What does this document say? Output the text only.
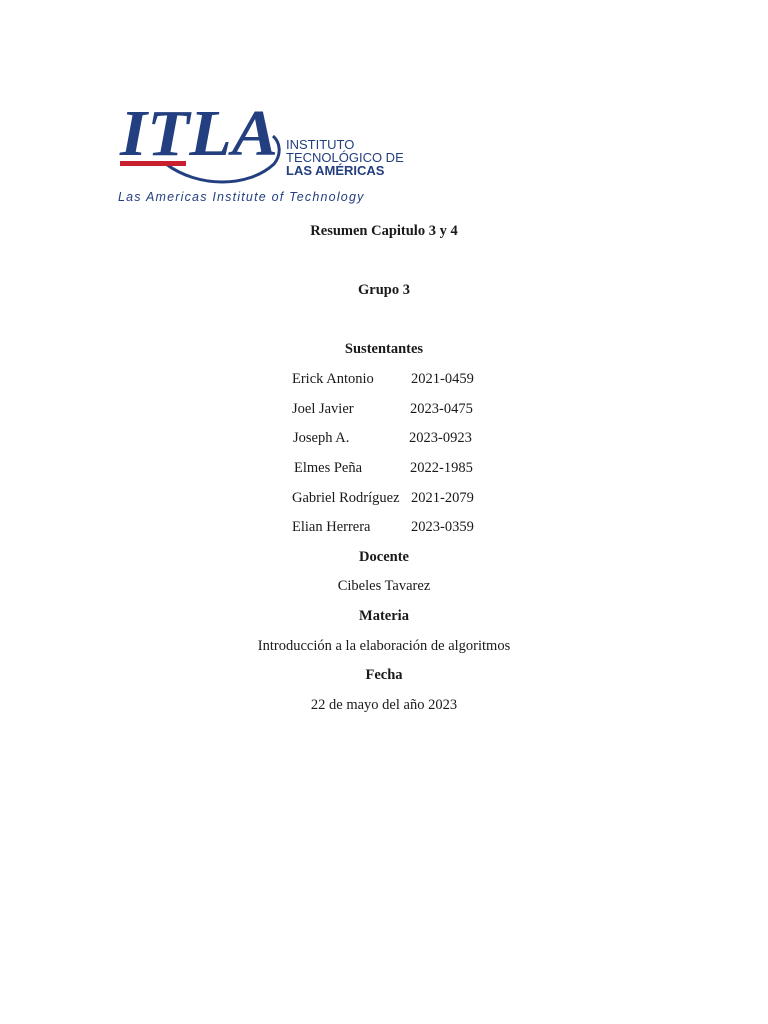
ITLA INSTITUTO
TECNOLÓGICO DE
LAS AMÉRICAS
Las Americas Institute of Technology
Resumen Capitulo 3 y 4
Grupo 3
Sustentantes
Erick Antonio	2021-0459
Joel Javier	2023-0475
Joseph A.	2023-0923
Elmes Peña	2022-1985
Gabriel Rodríguez 2021-2079
Elian Herrera	2023-0359
Docente
Cibeles Tavarez
Materia
Introducción a la elaboración de algoritmos
Fecha
22 de mayo del año 2023
